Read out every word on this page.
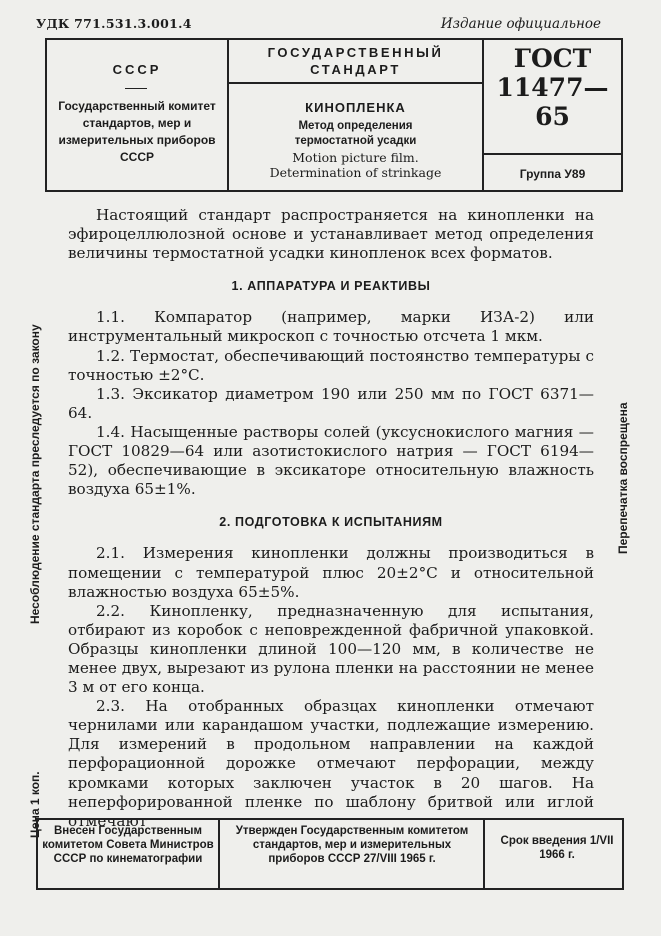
УДК 771.531.3.001.4	Издание официальное
СССР
Государственный комитет стандартов, мер и измерительных приборов СССР
ГОСУДАРСТВЕННЫЙ
СТАНДАРТ
КИНОПЛЕНКА
Метод определения
термостатной усадки
Motion picture film.
Determination of strinkage
ГОСТ
11477—65
Группа У89
Несоблюдение стандарта преследуется по закону
Цена 1 коп.
Перепечатка воспрещена

Настоящий стандарт распространяется на кинопленки на эфироцеллюлозной основе и устанавливает метод определения величины термостатной усадки кинопленок всех форматов.

1. АППАРАТУРА И РЕАКТИВЫ

1.1. Компаратор (например, марки ИЗА-2) или инструментальный микроскоп с точностью отсчета 1 мкм.

1.2. Термостат, обеспечивающий постоянство температуры с точностью ±2°С.

1.3. Эксикатор диаметром 190 или 250 мм по ГОСТ 6371—64.

1.4. Насыщенные растворы солей (уксуснокислого магния — ГОСТ 10829—64 или азотистокислого натрия — ГОСТ 6194—52), обеспечивающие в эксикаторе относительную влажность воздуха 65±1%.

2. ПОДГОТОВКА К ИСПЫТАНИЯМ

2.1. Измерения кинопленки должны производиться в помещении с температурой плюс 20±2°С и относительной влажностью воздуха 65±5%.

2.2. Кинопленку, предназначенную для испытания, отбирают из коробок с неповрежденной фабричной упаковкой. Образцы кинопленки длиной 100—120 мм, в количестве не менее двух, вырезают из рулона пленки на расстоянии не менее 3 м от его конца.

2.3. На отобранных образцах кинопленки отмечают чернилами или карандашом участки, подлежащие измерению. Для измерений в продольном направлении на каждой перфорационной дорожке отмечают перфорации, между кромками которых заключен участок в 20 шагов. На неперфорированной пленке по шаблону бритвой или иглой отмечают

Внесен Государственным комитетом Совета Министров СССР по кинематографии
Утвержден Государственным комитетом стандартов, мер и измерительных приборов СССР 27/VIII 1965 г.
Срок введения 1/VII 1966 г.
